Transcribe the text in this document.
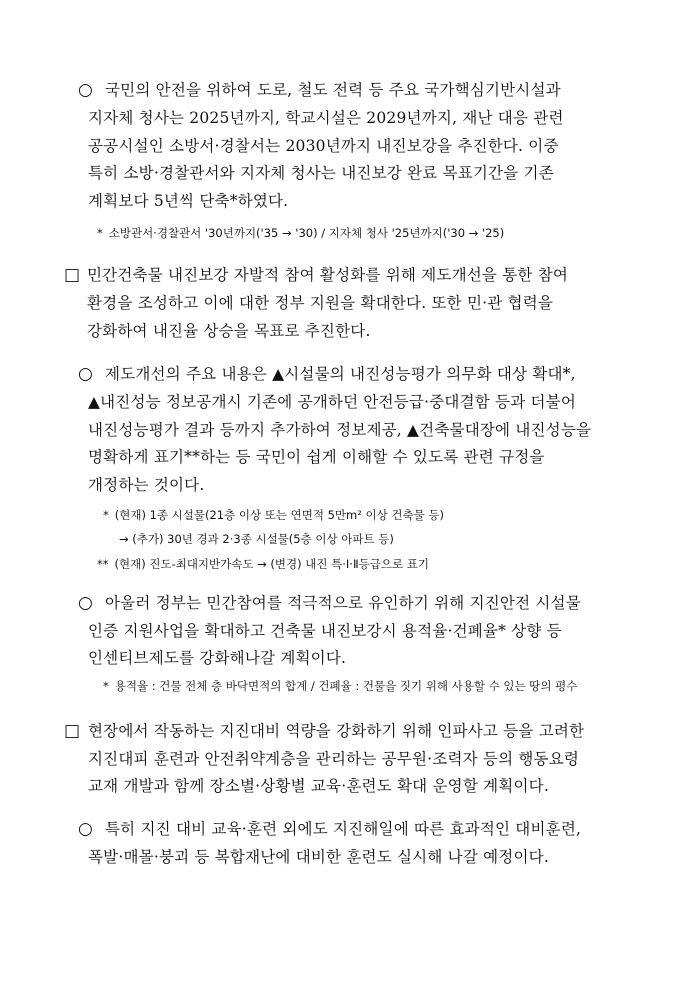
○ 국민의 안전을 위하여 도로, 철도 전력 등 주요 국가핵심기반시설과
지자체 청사는 2025년까지, 학교시설은 2029년까지, 재난 대응 관련
공공시설인 소방서·경찰서는 2030년까지 내진보강을 추진한다. 이중
특히 소방·경찰관서와 지자체 청사는 내진보강 완료 목표기간을 기존
계획보다 5년씩 단축*하였다.
* 소방관서·경찰관서 '30년까지('35 → '30) / 지자체 청사 '25년까지('30 → '25)
□ 민간건축물 내진보강 자발적 참여 활성화를 위해 제도개선을 통한 참여
환경을 조성하고 이에 대한 정부 지원을 확대한다. 또한 민·관 협력을
강화하여 내진율 상승을 목표로 추진한다.
○ 제도개선의 주요 내용은 ▲시설물의 내진성능평가 의무화 대상 확대*,
▲내진성능 정보공개시 기존에 공개하던 안전등급·중대결함 등과 더불어
내진성능평가 결과 등까지 추가하여 정보제공, ▲건축물대장에 내진성능을
명확하게 표기**하는 등 국민이 쉽게 이해할 수 있도록 관련 규정을
개정하는 것이다.
* (현재) 1종 시설물(21층 이상 또는 연면적 5만m² 이상 건축물 등)
→ (추가) 30년 경과 2·3종 시설물(5층 이상 아파트 등)
** (현재) 진도-최대지반가속도 → (변경) 내진 특·Ⅰ·Ⅱ등급으로 표기
○ 아울러 정부는 민간참여를 적극적으로 유인하기 위해 지진안전 시설물
인증 지원사업을 확대하고 건축물 내진보강시 용적율·건폐율* 상향 등
인센티브제도를 강화해나갈 계획이다.
* 용적율 : 건물 전체 층 바닥면적의 합계 / 건폐율 : 건물을 짓기 위해 사용할 수 있는 땅의 평수
□ 현장에서 작동하는 지진대비 역량을 강화하기 위해 인파사고 등을 고려한
지진대피 훈련과 안전취약계층을 관리하는 공무원·조력자 등의 행동요령
교재 개발과 함께 장소별·상황별 교육·훈련도 확대 운영할 계획이다.
○ 특히 지진 대비 교육·훈련 외에도 지진해일에 따른 효과적인 대비훈련,
폭발·매몰·붕괴 등 복합재난에 대비한 훈련도 실시해 나갈 예정이다.
